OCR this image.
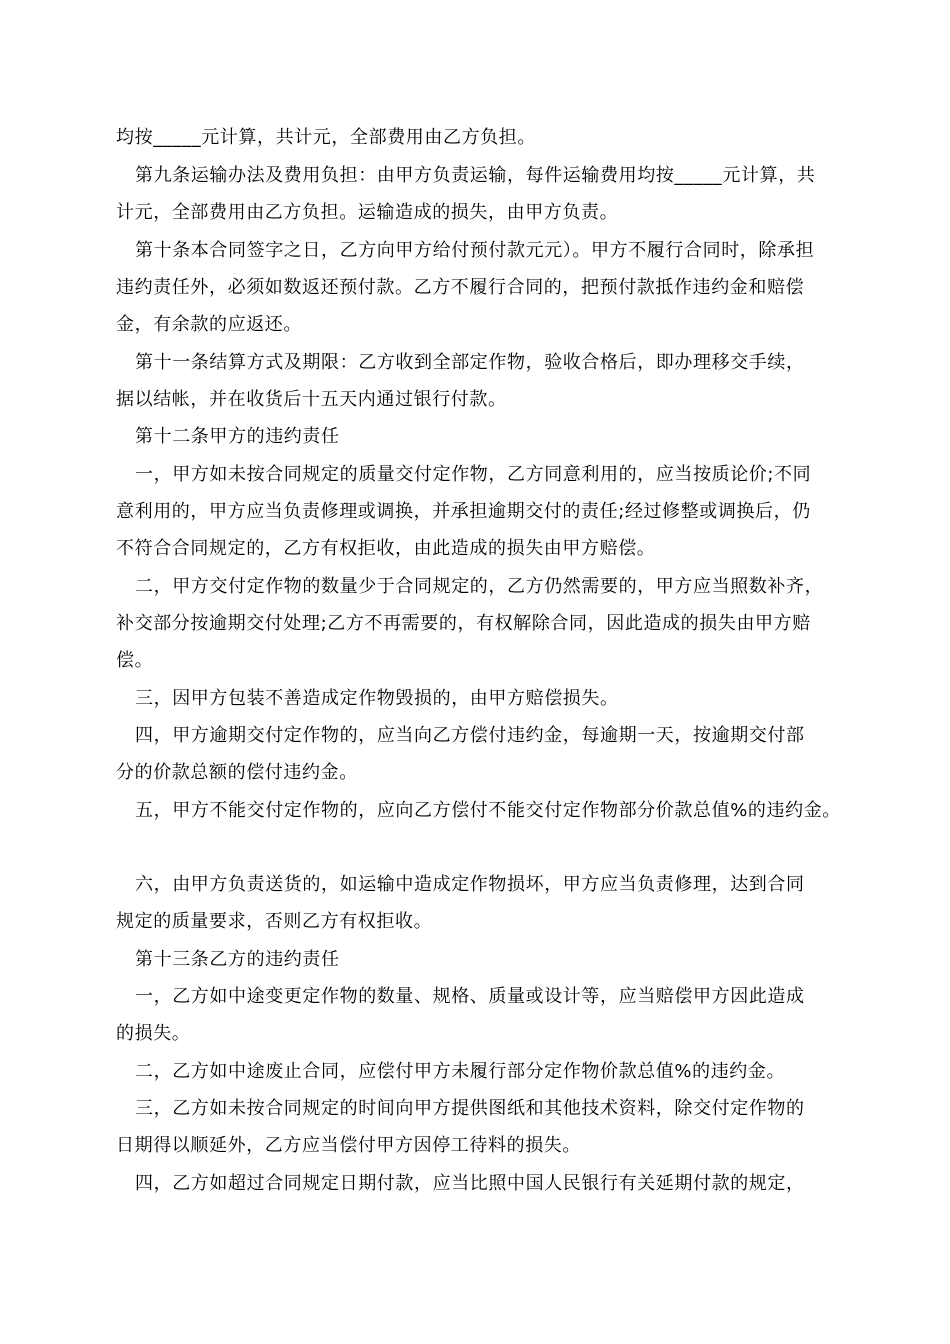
均按_____元计算，共计元，全部费用由乙方负担。
第九条运输办法及费用负担：由甲方负责运输，每件运输费用均按_____元计算，共
计元，全部费用由乙方负担。运输造成的损失，由甲方负责。
第十条本合同签字之日，乙方向甲方给付预付款元元）。甲方不履行合同时，除承担
违约责任外，必须如数返还预付款。乙方不履行合同的，把预付款抵作违约金和赔偿
金，有余款的应返还。
第十一条结算方式及期限：乙方收到全部定作物，验收合格后，即办理移交手续，
据以结帐，并在收货后十五天内通过银行付款。
第十二条甲方的违约责任
一，甲方如未按合同规定的质量交付定作物，乙方同意利用的，应当按质论价;不同
意利用的，甲方应当负责修理或调换，并承担逾期交付的责任;经过修整或调换后，仍
不符合合同规定的，乙方有权拒收，由此造成的损失由甲方赔偿。
二，甲方交付定作物的数量少于合同规定的，乙方仍然需要的，甲方应当照数补齐，
补交部分按逾期交付处理;乙方不再需要的，有权解除合同，因此造成的损失由甲方赔
偿。
三，因甲方包装不善造成定作物毁损的，由甲方赔偿损失。
四，甲方逾期交付定作物的，应当向乙方偿付违约金，每逾期一天，按逾期交付部
分的价款总额的偿付违约金。
五，甲方不能交付定作物的，应向乙方偿付不能交付定作物部分价款总值%的违约金。
六，由甲方负责送货的，如运输中造成定作物损坏，甲方应当负责修理，达到合同
规定的质量要求，否则乙方有权拒收。
第十三条乙方的违约责任
一，乙方如中途变更定作物的数量、规格、质量或设计等，应当赔偿甲方因此造成
的损失。
二，乙方如中途废止合同，应偿付甲方未履行部分定作物价款总值%的违约金。
三，乙方如未按合同规定的时间向甲方提供图纸和其他技术资料，除交付定作物的
日期得以顺延外，乙方应当偿付甲方因停工待料的损失。
四，乙方如超过合同规定日期付款，应当比照中国人民银行有关延期付款的规定，
